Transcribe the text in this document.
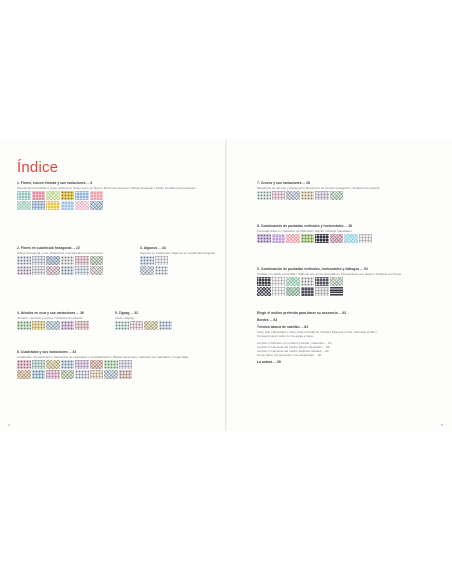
Índice
1. Flores, cruces étnicas y sus variaciones ... 8
Pensamiento bordado a mano (p)/[texto] | Nidos sacro en flores | Borrones/ Accesos | Dibujo triangular | Jardín bordado para pañuelos
2. Flores en cuadrícula hexagonal ... 22
Dibujo hexagonal y sus variaciones | Hexagonal con tres colores
3. Algunos ... 34
Algunos en cuadrícula / Algunos en cuadrícula triangular
4. Árboles en cruz y sus variaciones ... 36
Juhuutô / Juhuutô y cruces / Variación de juhuutô
5. Zigzag ... 32
Línde / Zigzag
6. Cuadrados y sus variaciones ... 24
Cuadrados / Pensamiento | Muestrario de cuadrados y amigdalización | Relacionamientos | Variación de cuadrados y bugambilia
4
7. Cruces y sus variaciones ... 28
Muestrario de juhuutô y kawaguchi | Muestrario de juhuutô kawaguchi | Variación de juhuutô
8. Combinación de puntadas verticales y horizontales ... 36
Puntadas dibuero | Variación de Mattnasti | Hikyan | Mueble hakudakuji
9. Combinación de puntadas verticales, horizontales y diálogos ... 54
Puñado con doble escondido / Elabodo con tonos avanzados | Pensamiento con diseño | Pañuelo con flores
Elegir el molino preferido para hacer su accesorio ... 62
Bordes ... 63
Técnica básica de sashiko ... 84
Tela | Hilo | Materiales | Cómo usar el dedal de manilla | Preparar el hilo | Rematar el hilo |
Consejos para bordar con la aguja e hacer
Lección 1 Pañuelo con motivos juhuutô y asanoha ... 16
Lección 2 Camiseta del molino hikyan hanazashi ... 88
Lección 3 Camiseta del molino sanpano tokakuji ... 92
Cómo hacer los proyectos y los diagramas ... 96
La autora ... 99
5
